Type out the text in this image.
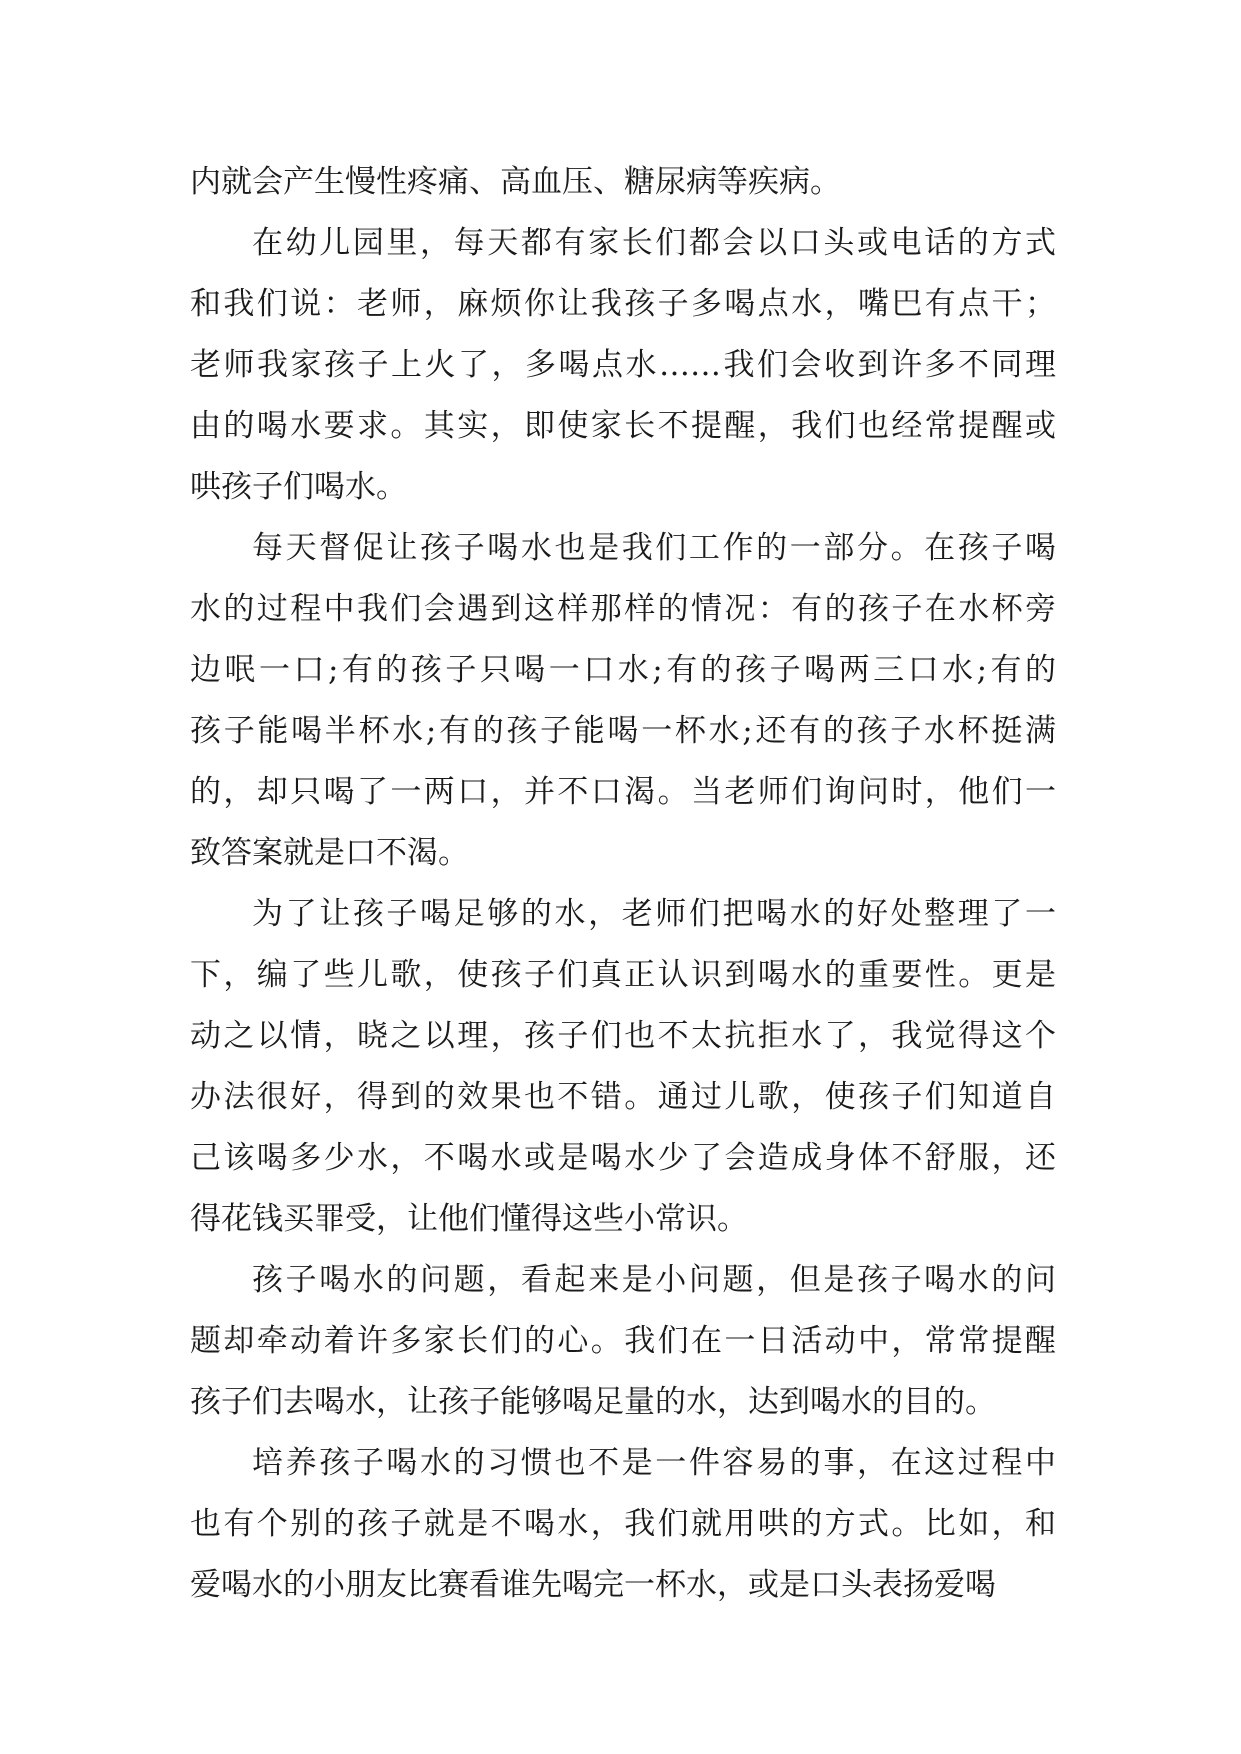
内就会产生慢性疼痛、高血压、糖尿病等疾病。
在幼儿园里，每天都有家长们都会以口头或电话的方式
和我们说：老师，麻烦你让我孩子多喝点水，嘴巴有点干；
老师我家孩子上火了，多喝点水……我们会收到许多不同理
由的喝水要求。其实，即使家长不提醒，我们也经常提醒或
哄孩子们喝水。
每天督促让孩子喝水也是我们工作的一部分。在孩子喝
水的过程中我们会遇到这样那样的情况：有的孩子在水杯旁
边呡一口;有的孩子只喝一口水;有的孩子喝两三口水;有的
孩子能喝半杯水;有的孩子能喝一杯水;还有的孩子水杯挺满
的，却只喝了一两口，并不口渴。当老师们询问时，他们一
致答案就是口不渴。
为了让孩子喝足够的水，老师们把喝水的好处整理了一
下，编了些儿歌，使孩子们真正认识到喝水的重要性。更是
动之以情，晓之以理，孩子们也不太抗拒水了，我觉得这个
办法很好，得到的效果也不错。通过儿歌，使孩子们知道自
己该喝多少水，不喝水或是喝水少了会造成身体不舒服，还
得花钱买罪受，让他们懂得这些小常识。
孩子喝水的问题，看起来是小问题，但是孩子喝水的问
题却牵动着许多家长们的心。我们在一日活动中，常常提醒
孩子们去喝水，让孩子能够喝足量的水，达到喝水的目的。
培养孩子喝水的习惯也不是一件容易的事，在这过程中
也有个别的孩子就是不喝水，我们就用哄的方式。比如，和
爱喝水的小朋友比赛看谁先喝完一杯水，或是口头表扬爱喝
